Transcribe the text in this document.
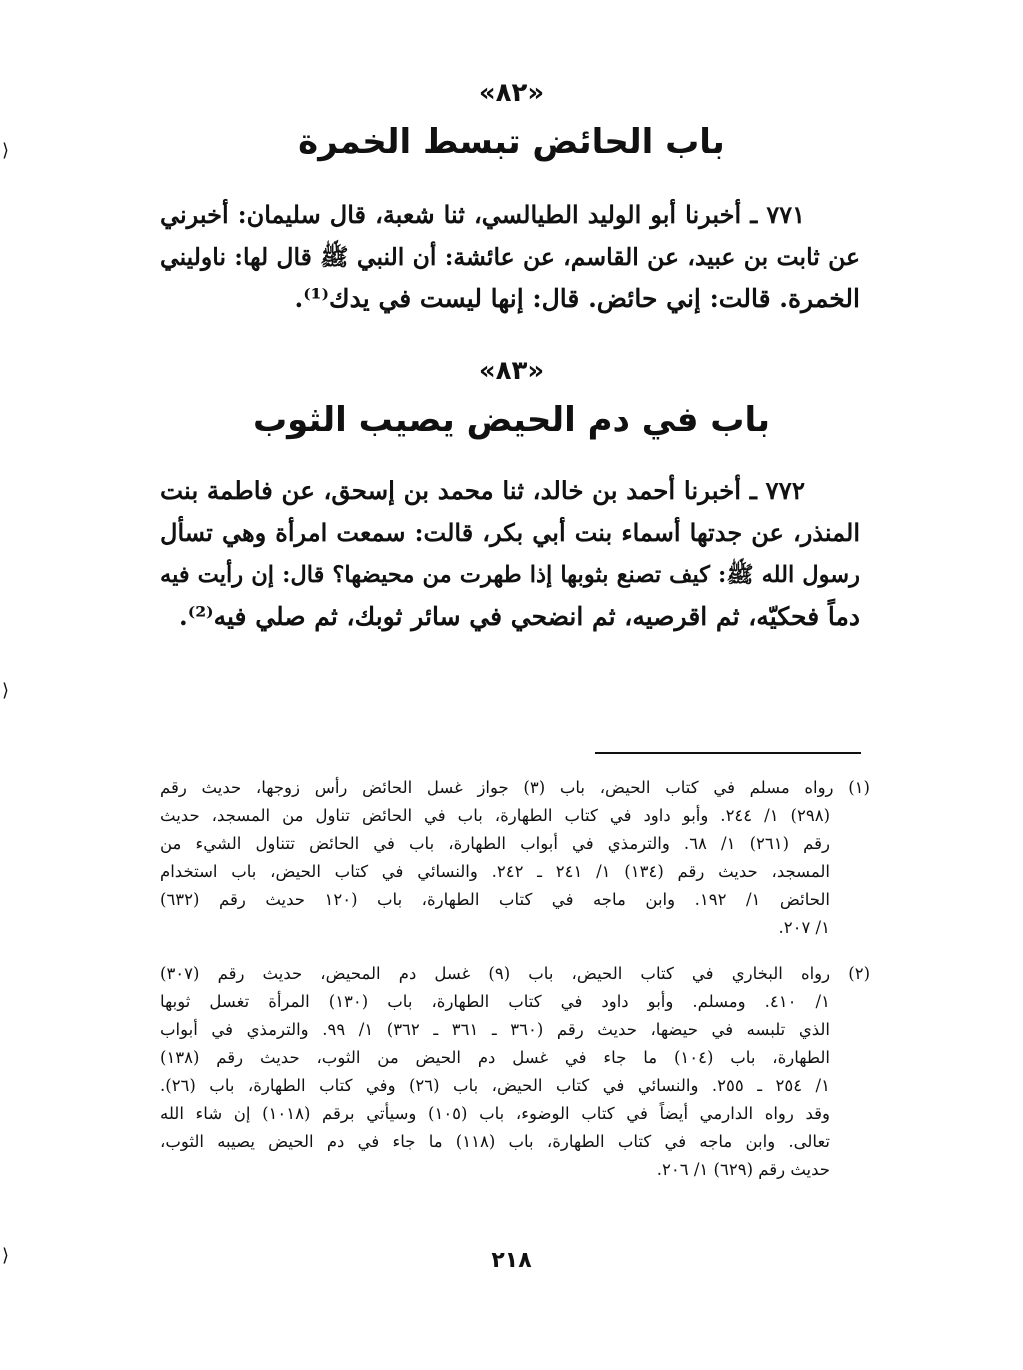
⟩
⟩
⟩
«٨٢»
باب الحائض تبسط الخمرة
٧٧١ ـ أخبرنا أبو الوليد الطيالسي، ثنا شعبة، قال سليمان: أخبرني
عن ثابت بن عبيد، عن القاسم، عن عائشة: أن النبي ﷺ قال لها: ناوليني
الخمرة. قالت: إني حائض. قال: إنها ليست في يدك⁽¹⁾.
«٨٣»
باب في دم الحيض يصيب الثوب
٧٧٢ ـ أخبرنا أحمد بن خالد، ثنا محمد بن إسحق، عن فاطمة بنت
المنذر، عن جدتها أسماء بنت أبي بكر، قالت: سمعت امرأة وهي تسأل
رسول الله ﷺ: كيف تصنع بثوبها إذا طهرت من محيضها؟ قال: إن رأيت فيه
دماً فحكيّه، ثم اقرصيه، ثم انضحي في سائر ثوبك، ثم صلي فيه⁽²⁾.
(١) رواه مسلم في كتاب الحيض، باب (٣) جواز غسل الحائض رأس زوجها، حديث رقم
(٢٩٨) ١/ ٢٤٤. وأبو داود في كتاب الطهارة، باب في الحائض تناول من المسجد، حديث
رقم (٢٦١) ١/ ٦٨. والترمذي في أبواب الطهارة، باب في الحائض تتناول الشيء من
المسجد، حديث رقم (١٣٤) ١/ ٢٤١ ـ ٢٤٢. والنسائي في كتاب الحيض، باب استخدام
الحائض ١/ ١٩٢. وابن ماجه في كتاب الطهارة، باب (١٢٠ حديث رقم (٦٣٢)
١/ ٢٠٧.
(٢) رواه البخاري في كتاب الحيض، باب (٩) غسل دم المحيض، حديث رقم (٣٠٧)
١/ ٤١٠. ومسلم. وأبو داود في كتاب الطهارة، باب (١٣٠) المرأة تغسل ثوبها
الذي تلبسه في حيضها، حديث رقم (٣٦٠ ـ ٣٦١ ـ ٣٦٢) ١/ ٩٩. والترمذي في أبواب
الطهارة، باب (١٠٤) ما جاء في غسل دم الحيض من الثوب، حديث رقم (١٣٨)
١/ ٢٥٤ ـ ٢٥٥. والنسائي في كتاب الحيض، باب (٢٦) وفي كتاب الطهارة، باب (٢٦).
وقد رواه الدارمي أيضاً في كتاب الوضوء، باب (١٠٥) وسيأتي برقم (١٠١٨) إن شاء الله
تعالى. وابن ماجه في كتاب الطهارة، باب (١١٨) ما جاء في دم الحيض يصيبه الثوب،
حديث رقم (٦٢٩) ١/ ٢٠٦.
٢١٨
